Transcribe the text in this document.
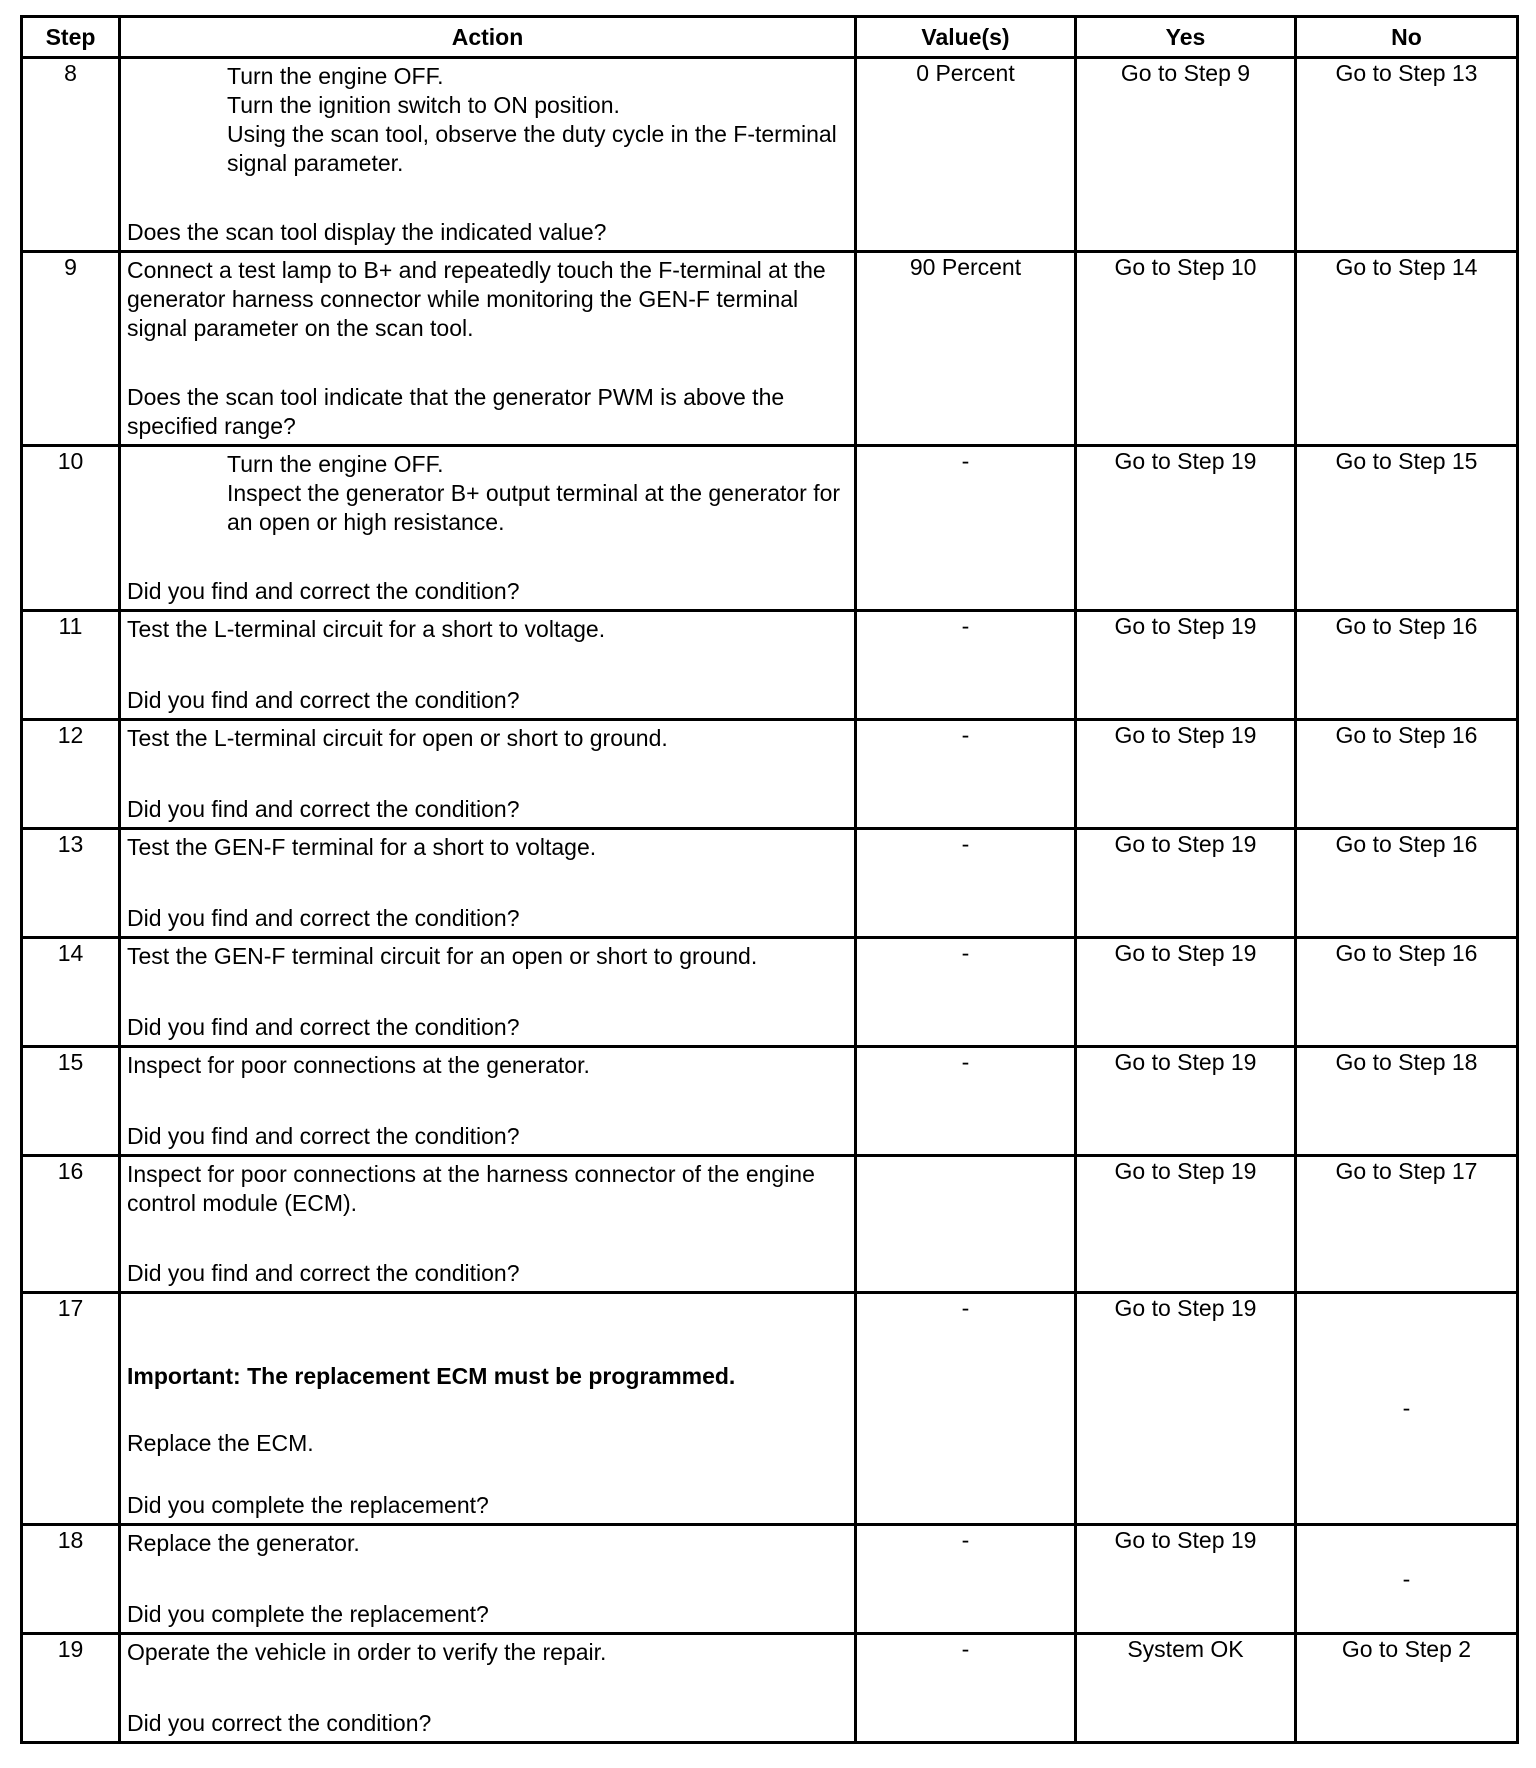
Step	Action	Value(s)	Yes	No
8	Turn the engine OFF.
Turn the ignition switch to ON position.
Using the scan tool, observe the duty cycle in the F-terminal signal parameter.
Does the scan tool display the indicated value?	0 Percent	Go to Step 9	Go to Step 13
9	Connect a test lamp to B+ and repeatedly touch the F-terminal at the generator harness connector while monitoring the GEN-F terminal signal parameter on the scan tool.
Does the scan tool indicate that the generator PWM is above the specified range?	90 Percent	Go to Step 10	Go to Step 14
10	Turn the engine OFF.
Inspect the generator B+ output terminal at the generator for an open or high resistance.
Did you find and correct the condition?	-	Go to Step 19	Go to Step 15
11	Test the L-terminal circuit for a short to voltage.
Did you find and correct the condition?	-	Go to Step 19	Go to Step 16
12	Test the L-terminal circuit for open or short to ground.
Did you find and correct the condition?	-	Go to Step 19	Go to Step 16
13	Test the GEN-F terminal for a short to voltage.
Did you find and correct the condition?	-	Go to Step 19	Go to Step 16
14	Test the GEN-F terminal circuit for an open or short to ground.
Did you find and correct the condition?	-	Go to Step 19	Go to Step 16
15	Inspect for poor connections at the generator.
Did you find and correct the condition?	-	Go to Step 19	Go to Step 18
16	Inspect for poor connections at the harness connector of the engine control module (ECM).
Did you find and correct the condition?		Go to Step 19	Go to Step 17
17	Important: The replacement ECM must be programmed.
Replace the ECM.
Did you complete the replacement?	-	Go to Step 19	-
18	Replace the generator.
Did you complete the replacement?	-	Go to Step 19	-
19	Operate the vehicle in order to verify the repair.
Did you correct the condition?	-	System OK	Go to Step 2
